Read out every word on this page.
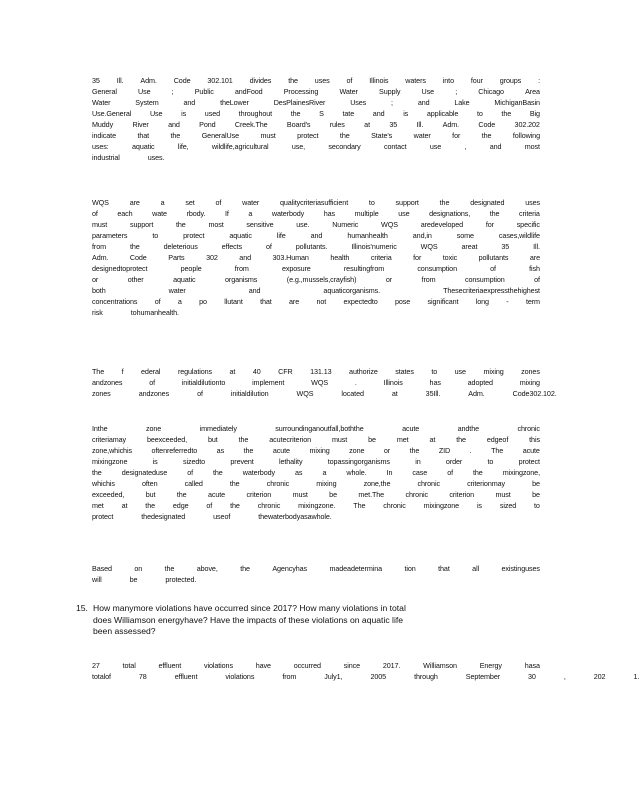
35 Ill. Adm. Code 302.101 divides the uses of Illinois waters into four groups :
General	Use	;	Public	andFood	Processing	Water	Supply	Use	;	Chicago	Area
Water	System	and	theLower	DesPlainesRiver	Uses	;	and	Lake	MichiganBasin
Use.General	Use	is	used	throughout	the	S	tate	and	is	applicable	to	the	Big
Muddy	River	and	Pond	Creek.The	Board's	rules	at	35	Ill.	Adm.	Code	302.202
indicate	that	the	GeneralUse	must	protect	the	State's	water	for	the	following
uses:	aquatic	life,	wildlife,agricultural	use,	secondary	contact	use	,	and	most
industrial	uses.
WQS	are	a	set	of	water	qualitycriteriasufficient	to	support	the	designated	uses
of	each	wate	rbody.	If	a	waterbody	has	multiple	use	designations,	the	criteria
must	support	the	most	sensitive	use.	Numeric	WQS	aredeveloped	for	specific
parameters	to	protect	aquatic	life	and	humanhealth	and,in	some	cases,wildlife
from	the	deleterious	effects	of	pollutants.	Illinois'numeric	WQS	areat	35	Ill.
Adm.	Code	Parts	302	and	303.Human	health	criteria	for	toxic	pollutants	are
designedtoprotect	people	from	exposure	resultingfrom	consumption	of	fish
or	other	aquatic	organisms	(e.g.,mussels,crayfish)	or	from	consumption	of
both	water	and	aquaticorganisms.	Thesecriteriaexpressthehighest
concentrations of a po llutant that are not expectedto pose significant long - term
risk	tohumanhealth.
The f ederal regulations at 40 CFR 131.13 authorize states to use mixing zones
andzones	of	initialdilutionto	implement	WQS	.	Illinois	has	adopted	mixing
zones	andzones	of	initialdilution	WQS	located	at	35Ill.	Adm.	Code302.102.
Inthe	zone	immediately	surroundinganoutfall,boththe	acute	andthe	chronic
criteriamay	beexceeded,	but	the	acutecriterion	must	be	met	at	the	edgeof	this
zone,whichis	oftenreferredto	as	the	acute	mixing	zone	or	the	ZID	.	The	acute
mixingzone	is	sizedto	prevent	lethality	topassingorganisms	in	order	to	protect
the	designateduse	of	the	waterbody	as	a	whole.	In	case	of	the	mixingzone,
whichis	often	called	the	chronic	mixing	zone,the	chronic	criterionmay	be
exceeded,	but	the	acute	criterion	must	be	met.The	chronic	criterion	must	be
met at the edge of the chronic mixingzone. The chronic mixingzone is sized to
protect	thedesignated	useof	thewaterbodyasawhole.
Based	on	the	above,	the	Agencyhas	madeadetermina	tion	that	all	existinguses
will	be	protected.
15. How manymore violations have occurred since 2017? How many violations in total
does Williamson energyhave? Have the impacts of these violations on aquatic life
been assessed?
27	total	effluent	violations	have	occurred	since	2017.	Williamson	Energy	hasa
totalof	78	effluent	violations	from	July1,	2005	through	September	30	,	202	1.
